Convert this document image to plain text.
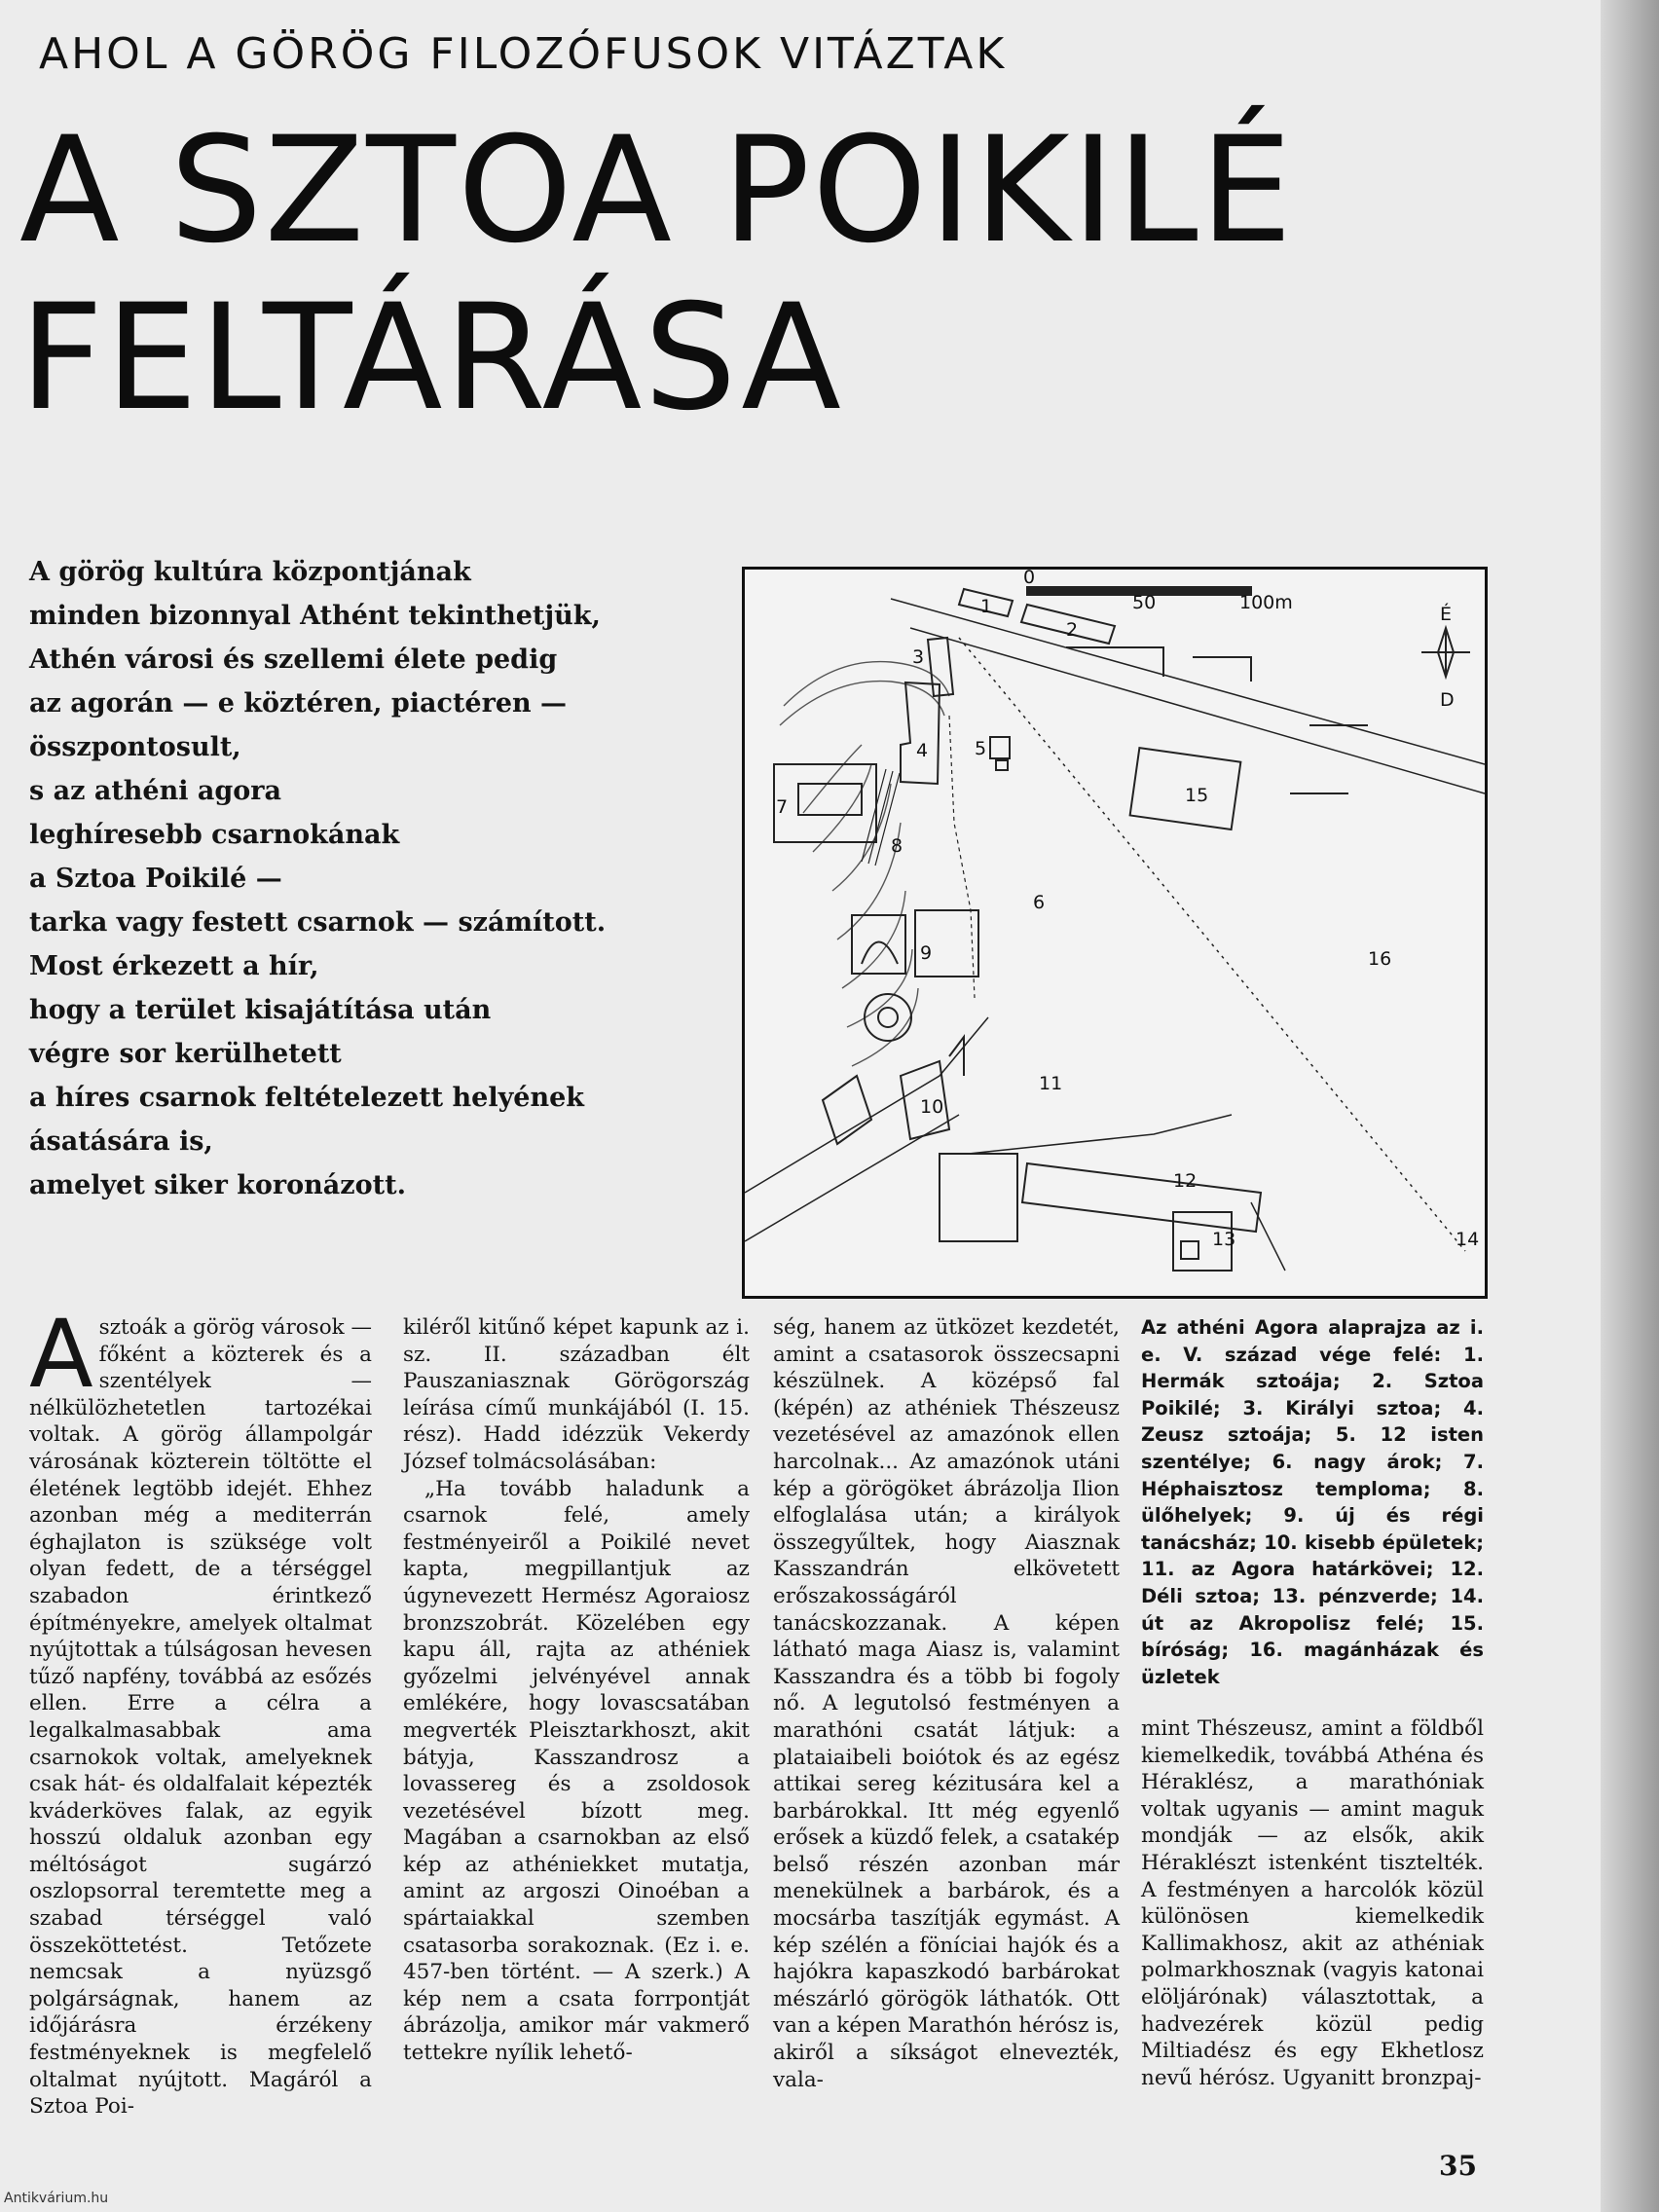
AHOL A GÖRÖG FILOZÓFUSOK VITÁZTAK
A SZTOA POIKILÉ
FELTÁRÁSA
A görög kultúra központjának
minden bizonnyal Athént tekinthetjük,
Athén városi és szellemi élete pedig
az agorán — e köztéren, piactéren —
összpontosult,
s az athéni agora
leghíresebb csarnokának
a Sztoa Poikilé —
tarka vagy festett csarnok — számított.
Most érkezett a hír,
hogy a terület kisajátítása után
végre sor kerülhetett
a híres csarnok feltételezett helyének
ásatására is,
amelyet siker koronázott.
0
50	100m
É
D
1
2
3
4	5
6
7
8
9
10
11
12
13	14
15
16
Asztoák a görög városok — főként a közterek és a szentélyek — nélkülözhetetlen tartozékai voltak. A görög állampolgár városának közterein töltötte el életének legtöbb idejét. Ehhez azonban még a mediterrán éghajlaton is szüksége volt olyan fedett, de a térséggel szabadon érintkező építményekre, amelyek oltalmat nyújtottak a túlságosan hevesen tűző napfény, továbbá az esőzés ellen. Erre a célra a legalkalmasabbak ama csarnokok voltak, amelyeknek csak hát- és oldalfalait képezték kváderköves falak, az egyik hosszú oldaluk azonban egy méltóságot sugárzó oszlopsorral teremtette meg a szabad térséggel való összeköttetést. Tetőzete nemcsak a nyüzsgő polgárságnak, hanem az időjárásra érzékeny festményeknek is megfelelő oltalmat nyújtott. Magáról a Sztoa Poi-

kiléről kitűnő képet kapunk az i. sz. II. században élt Pauszaniasznak Görögország leírása című munkájából (I. 15. rész). Hadd idézzük Vekerdy József tolmácsolásában:

„Ha tovább haladunk a csarnok felé, amely festményeiről a Poikilé nevet kapta, megpillantjuk az úgynevezett Hermész Agoraiosz bronzszobrát. Közelében egy kapu áll, rajta az athéniek győzelmi jelvényével annak emlékére, hogy lovascsatában megverték Pleisztarkhoszt, akit bátyja, Kasszandrosz a lovassereg és a zsoldosok vezetésével bízott meg. Magában a csarnokban az első kép az athéniekket mutatja, amint az argoszi Oinoéban a spártaiakkal szemben csatasorba sorakoznak. (Ez i. e. 457-ben történt. — A szerk.) A kép nem a csata forrpontját ábrázolja, amikor már vakmerő tettekre nyílik lehető-

ség, hanem az ütközet kezdetét, amint a csatasorok összecsapni készülnek. A középső fal (képén) az athéniek Thészeusz vezetésével az amazónok ellen harcolnak... Az amazónok utáni kép a görögöket ábrázolja Ilion elfoglalása után; a királyok összegyűltek, hogy Aiasznak Kasszandrán elkövetett erőszakosságáról tanácskozzanak. A képen látható maga Aiasz is, valamint Kasszandra és a több bi fogoly nő. A legutolsó festményen a marathóni csatát látjuk: a plataiaibeli boiótok és az egész attikai sereg kézitusára kel a barbárokkal. Itt még egyenlő erősek a küzdő felek, a csatakép belső részén azonban már menekülnek a barbárok, és a mocsárba taszítják egymást. A kép szélén a föníciai hajók és a hajókra kapaszkodó barbárokat mészárló görögök láthatók. Ott van a képen Marathón hérósz is, akiről a síkságot elnevezték, vala-

Az athéni Agora alaprajza az i. e. V. század vége felé: 1. Hermák sztoája; 2. Sztoa Poikilé; 3. Királyi sztoa; 4. Zeusz sztoája; 5. 12 isten szentélye; 6. nagy árok; 7. Héphaisztosz temploma; 8. ülőhelyek; 9. új és régi tanácsház; 10. kisebb épületek; 11. az Agora határkövei; 12. Déli sztoa; 13. pénzverde; 14. út az Akropolisz felé; 15. bíróság; 16. magánházak és üzletek

mint Thészeusz, amint a földből kiemelkedik, továbbá Athéna és Héraklész, a marathóniak voltak ugyanis — amint maguk mondják — az elsők, akik Héraklészt istenként tisztelték. A festményen a harcolók közül különösen kiemelkedik Kallimakhosz, akit az athéniak polmarkhosznak (vagyis katonai elöljárónak) választottak, a hadvezérek közül pedig Miltiadész és egy Ekhetlosz nevű hérósz. Ugyanitt bronzpaj-

35
Antikvárium.hu
